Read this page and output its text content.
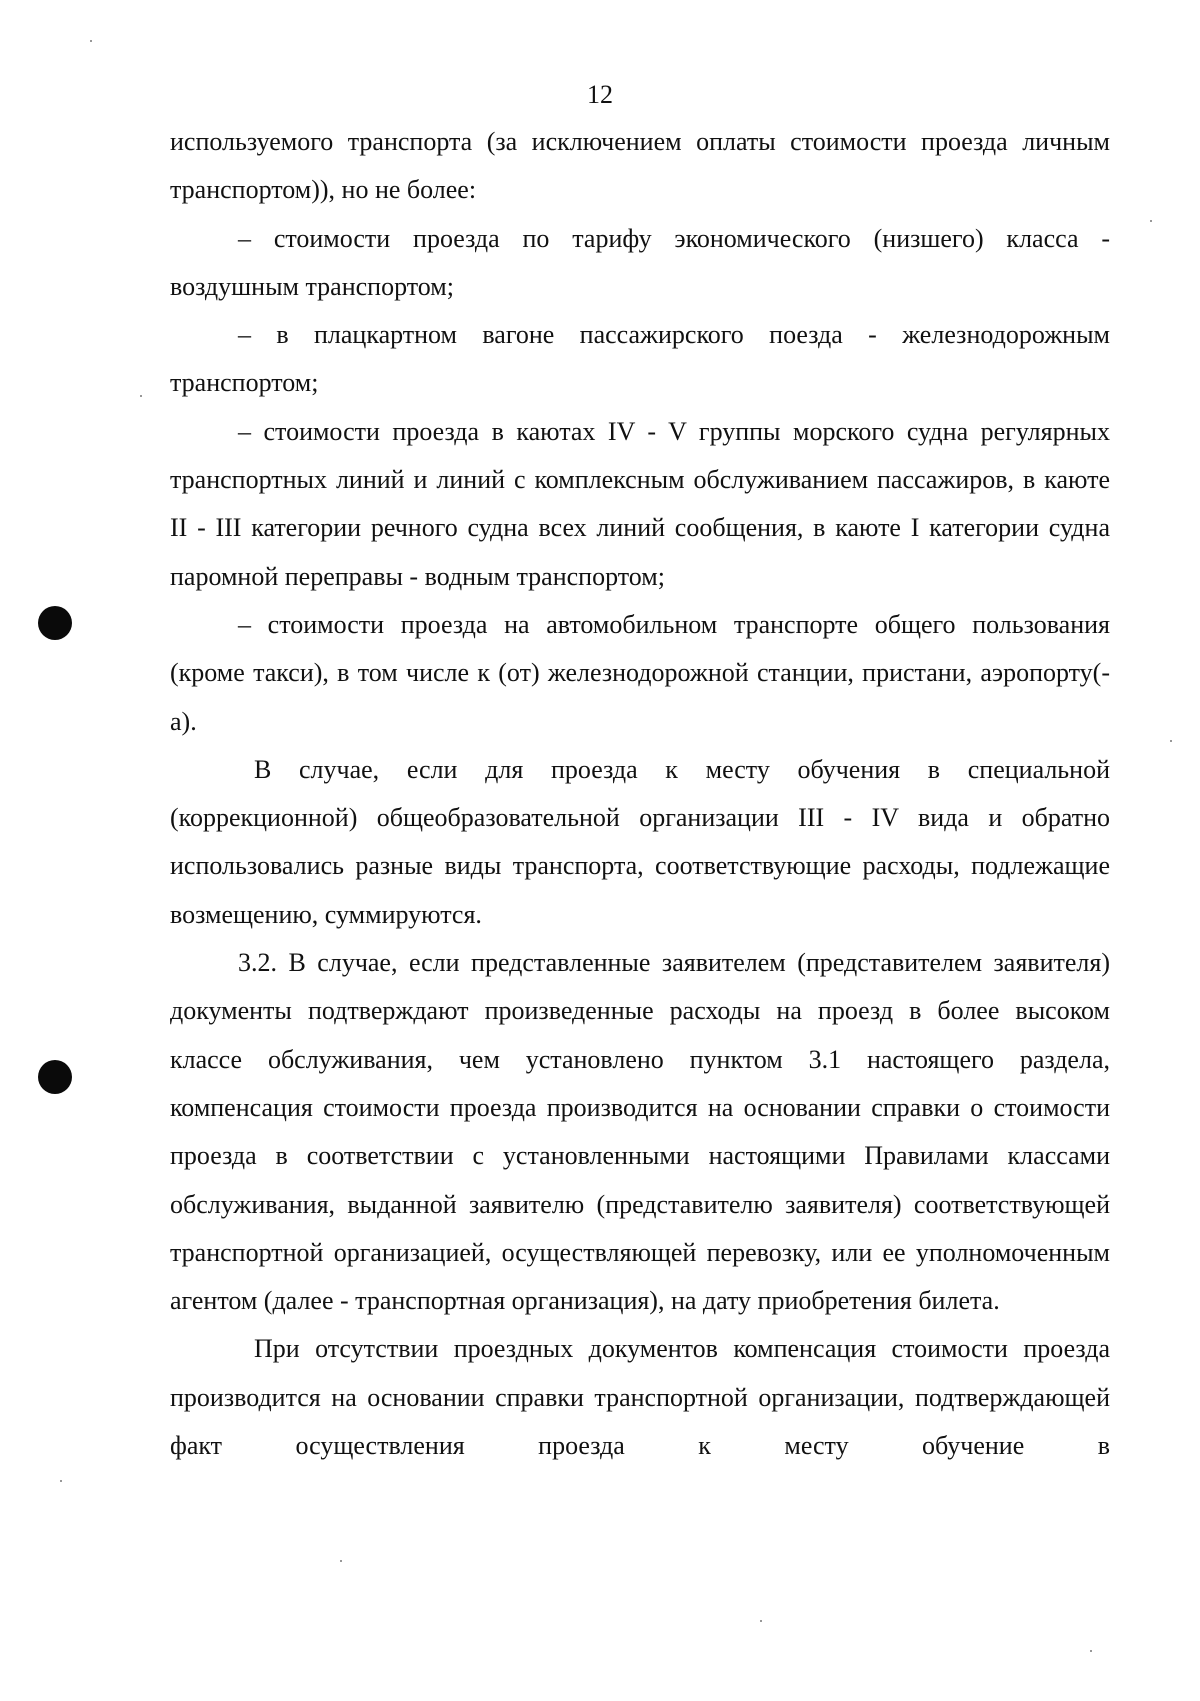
12

используемого транспорта (за исключением оплаты стоимости проезда личным транспортом)), но не более:

– стоимости проезда по тарифу экономического (низшего) класса - воздушным транспортом;

– в плацкартном вагоне пассажирского поезда - железнодорожным транспортом;

– стоимости проезда в каютах IV - V группы морского судна регулярных транспортных линий и линий с комплексным обслуживанием пассажиров, в каюте II - III категории речного судна всех линий сообщения, в каюте I категории судна паромной переправы - водным транспортом;

– стоимости проезда на автомобильном транспорте общего пользования (кроме такси), в том числе к (от) железнодорожной станции, пристани, аэропорту(-а).

В случае, если для проезда к месту обучения в специальной (коррекционной) общеобразовательной организации III - IV вида и обратно использовались разные виды транспорта, соответствующие расходы, подлежащие возмещению, суммируются.

3.2. В случае, если представленные заявителем (представителем заявителя) документы подтверждают произведенные расходы на проезд в более высоком классе обслуживания, чем установлено пунктом 3.1 настоящего раздела, компенсация стоимости проезда производится на основании справки о стоимости проезда в соответствии с установленными настоящими Правилами классами обслуживания, выданной заявителю (представителю заявителя) соответствующей транспортной организацией, осуществляющей перевозку, или ее уполномоченным агентом (далее - транспортная организация), на дату приобретения билета.

При отсутствии проездных документов компенсация стоимости проезда производится на основании справки транспортной организации, подтверждающей факт осуществления проезда к месту обучение в
